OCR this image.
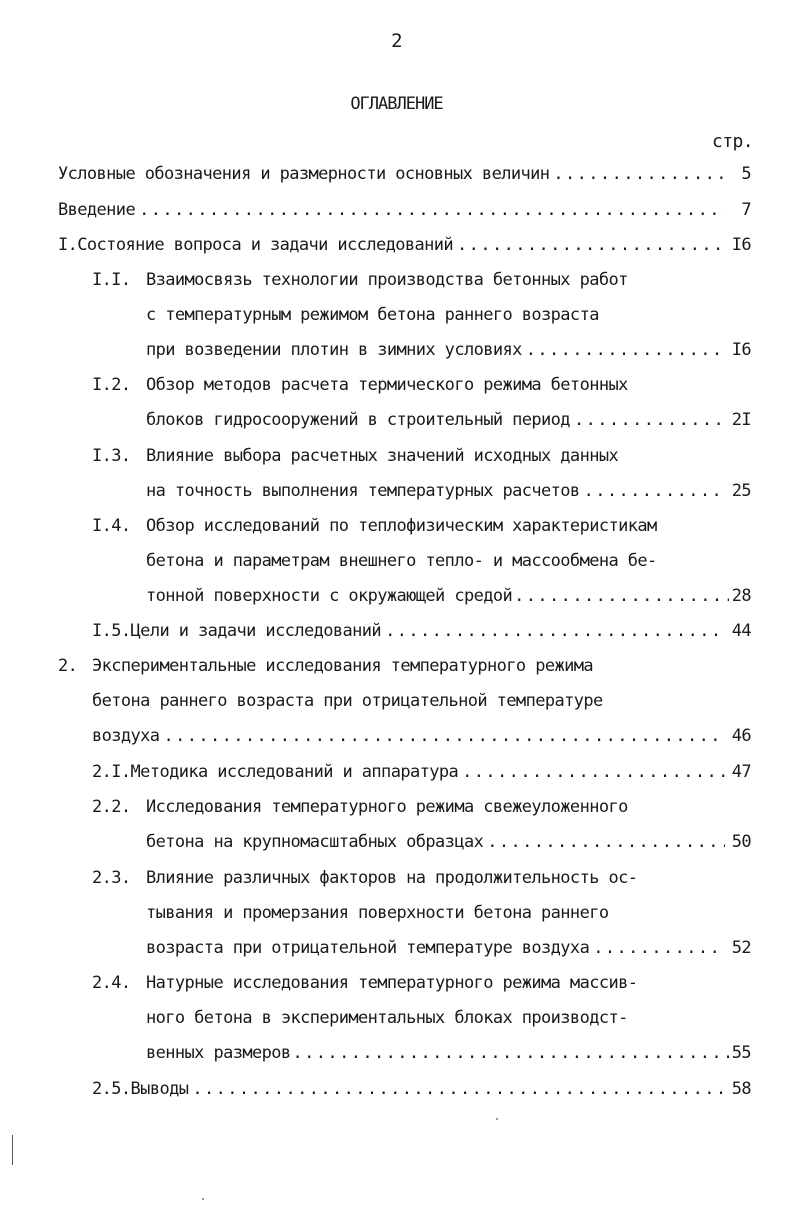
2
ОГЛАВЛЕНИЕ
стр.
Условные обозначения и размерности основных величин .....	5
Введение .....	7
I. Состояние вопроса и задачи исследований .....	I6
I.I. Взаимосвязь технологии производства бетонных работ
с температурным режимом бетона раннего возраста
при возведении плотин в зимних условиях .....	I6
I.2. Обзор методов расчета термического режима бетонных
блоков гидросооружений в строительный период .....	2I
I.3. Влияние выбора расчетных значений исходных данных
на точность выполнения температурных расчетов .....	25
I.4. Обзор исследований по теплофизическим характеристикам
бетона и параметрам внешнего тепло- и массообмена бе-
тонной поверхности с окружающей средой .....	28
I.5. Цели и задачи исследований .....	44
2. Экспериментальные исследования температурного режима
бетона раннего возраста при отрицательной температуре
воздуха .....	46
2.I. Методика исследований и аппаратура .....	47
2.2. Исследования температурного режима свежеуложенного
бетона на крупномасштабных образцах .....	50
2.3. Влияние различных факторов на продолжительность ос-
тывания и промерзания поверхности бетона раннего
возраста при отрицательной температуре воздуха .....	52
2.4. Натурные исследования температурного режима массив-
ного бетона в экспериментальных блоках производст-
венных размеров .....	55
2.5. Выводы .....	58
